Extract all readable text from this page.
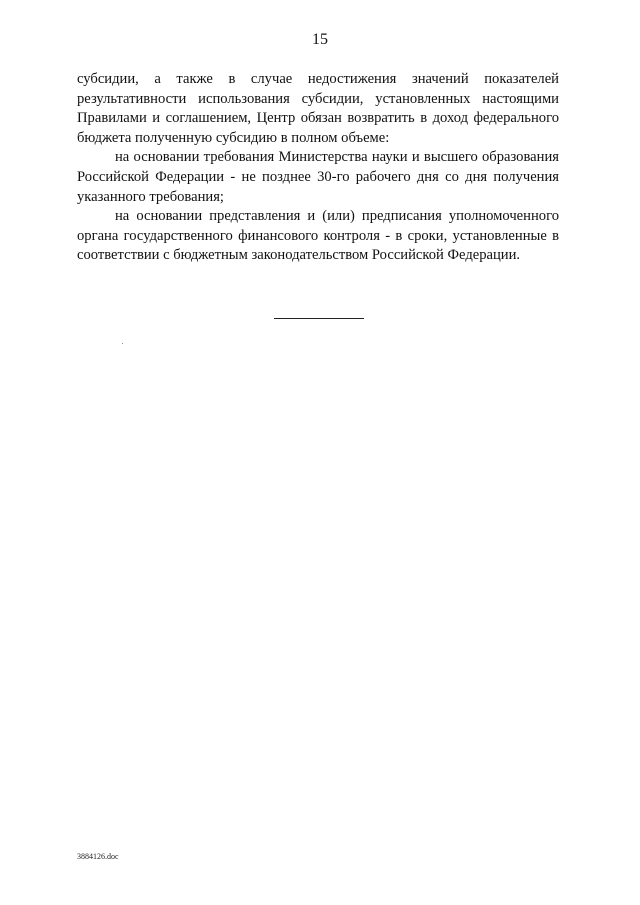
15

субсидии, а также в случае недостижения значений показателей результативности использования субсидии, установленных настоящими Правилами и соглашением, Центр обязан возвратить в доход федерального бюджета полученную субсидию в полном объеме:

на основании требования Министерства науки и высшего образования Российской Федерации - не позднее 30-го рабочего дня со дня получения указанного требования;

на основании представления и (или) предписания уполномоченного органа государственного финансового контроля - в сроки, установленные в соответствии с бюджетным законодательством Российской Федерации.

3884126.doc
